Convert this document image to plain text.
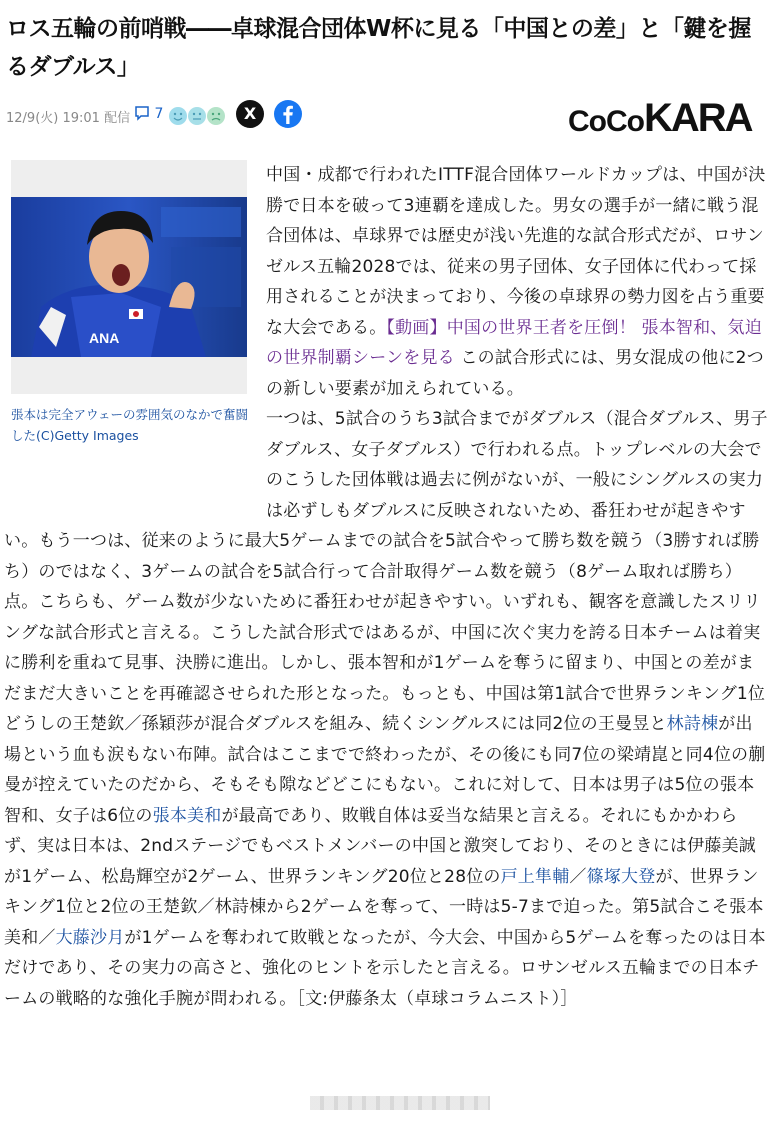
ロス五輪の前哨戦――卓球混合団体W杯に見る「中国との差」と「鍵を握るダブルス」
12/9(火) 19:01 配信	7	X	CoCoKARA
ANA
張本は完全アウェーの雰囲気のなかで奮闘した(C)Getty Images
中国・成都で行われたITTF混合団体ワールドカップは、中国が決勝で日本を破って3連覇を達成した。男女の選手が一緒に戦う混合団体は、卓球界では歴史が浅い先進的な試合形式だが、ロサンゼルス五輪2028では、従来の男子団体、女子団体に代わって採用されることが決まっており、今後の卓球界の勢力図を占う重要な大会である。【動画】中国の世界王者を圧倒！ 張本智和、気迫の世界制覇シーンを見る この試合形式には、男女混成の他に2つの新しい要素が加えられている。
一つは、5試合のうち3試合までがダブルス（混合ダブルス、男子ダブルス、女子ダブルス）で行われる点。トップレベルの大会でのこうした団体戦は過去に例がないが、一般にシングルスの実力は必ずしもダブルスに反映されないため、番狂わせが起きやすい。もう一つは、従来のように最大5ゲームまでの試合を5試合やって勝ち数を競う（3勝すれば勝ち）のではなく、3ゲームの試合を5試合行って合計取得ゲーム数を競う（8ゲーム取れば勝ち）点。こちらも、ゲーム数が少ないために番狂わせが起きやすい。いずれも、観客を意識したスリリングな試合形式と言える。こうした試合形式ではあるが、中国に次ぐ実力を誇る日本チームは着実に勝利を重ねて見事、決勝に進出。しかし、張本智和が1ゲームを奪うに留まり、中国との差がまだまだ大きいことを再確認させられた形となった。もっとも、中国は第1試合で世界ランキング1位どうしの王楚欽／孫穎莎が混合ダブルスを組み、続くシングルスには同2位の王曼昱と林詩棟が出場という血も涙もない布陣。試合はここまでで終わったが、その後にも同7位の梁靖崑と同4位の蒯曼が控えていたのだから、そもそも隙などどこにもない。これに対して、日本は男子は5位の張本智和、女子は6位の張本美和が最高であり、敗戦自体は妥当な結果と言える。それにもかかわらず、実は日本は、2ndステージでもベストメンバーの中国と激突しており、そのときには伊藤美誠が1ゲーム、松島輝空が2ゲーム、世界ランキング20位と28位の戸上隼輔／篠塚大登が、世界ランキング1位と2位の王楚欽／林詩棟から2ゲームを奪って、一時は5-7まで迫った。第5試合こそ張本美和／大藤沙月が1ゲームを奪われて敗戦となったが、今大会、中国から5ゲームを奪ったのは日本だけであり、その実力の高さと、強化のヒントを示したと言える。ロサンゼルス五輪までの日本チームの戦略的な強化手腕が問われる。［文:伊藤条太（卓球コラムニスト）］
